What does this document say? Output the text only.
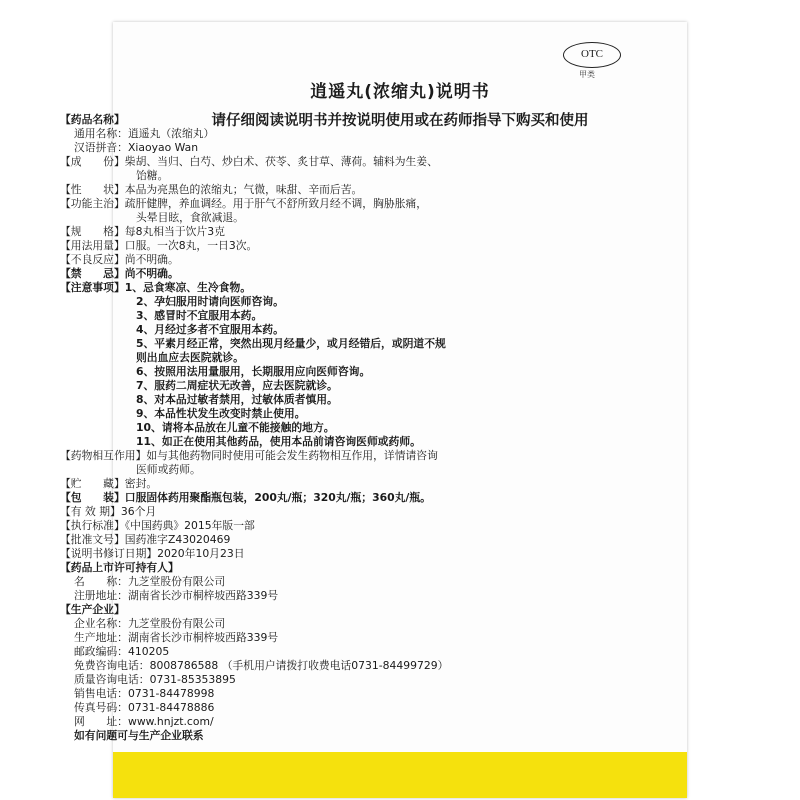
OTC
甲类
逍遥丸(浓缩丸)说明书
请仔细阅读说明书并按说明使用或在药师指导下购买和使用
【药品名称】
通用名称：逍遥丸（浓缩丸）
汉语拼音：Xiaoyao Wan
【成　　份】柴胡、当归、白芍、炒白术、茯苓、炙甘草、薄荷。辅料为生姜、
饴糖。
【性　　状】本品为亮黑色的浓缩丸；气微，味甜、辛而后苦。
【功能主治】疏肝健脾，养血调经。用于肝气不舒所致月经不调，胸胁胀痛，
头晕目眩，食欲减退。
【规　　格】每8丸相当于饮片3克
【用法用量】口服。一次8丸，一日3次。
【不良反应】尚不明确。
【禁　　忌】尚不明确。
【注意事项】1、忌食寒凉、生冷食物。
2、孕妇服用时请向医师咨询。
3、感冒时不宜服用本药。
4、月经过多者不宜服用本药。
5、平素月经正常，突然出现月经量少，或月经错后，或阴道不规
则出血应去医院就诊。
6、按照用法用量服用，长期服用应向医师咨询。
7、服药二周症状无改善，应去医院就诊。
8、对本品过敏者禁用，过敏体质者慎用。
9、本品性状发生改变时禁止使用。
10、请将本品放在儿童不能接触的地方。
11、如正在使用其他药品，使用本品前请咨询医师或药师。
【药物相互作用】如与其他药物同时使用可能会发生药物相互作用，详情请咨询
医师或药师。
【贮　　藏】密封。
【包　　装】口服固体药用聚酯瓶包装，200丸/瓶；320丸/瓶；360丸/瓶。
【有 效 期】36个月
【执行标准】《中国药典》2015年版一部
【批准文号】国药准字Z43020469
【说明书修订日期】2020年10月23日
【药品上市许可持有人】
名　　称：九芝堂股份有限公司
注册地址：湖南省长沙市桐梓坡西路339号
【生产企业】
企业名称：九芝堂股份有限公司
生产地址：湖南省长沙市桐梓坡西路339号
邮政编码：410205
免费咨询电话：8008786588 （手机用户请拨打收费电话0731-84499729）
质量咨询电话：0731-85353895
销售电话：0731-84478998
传真号码：0731-84478886
网　　址：www.hnjzt.com/
如有问题可与生产企业联系
